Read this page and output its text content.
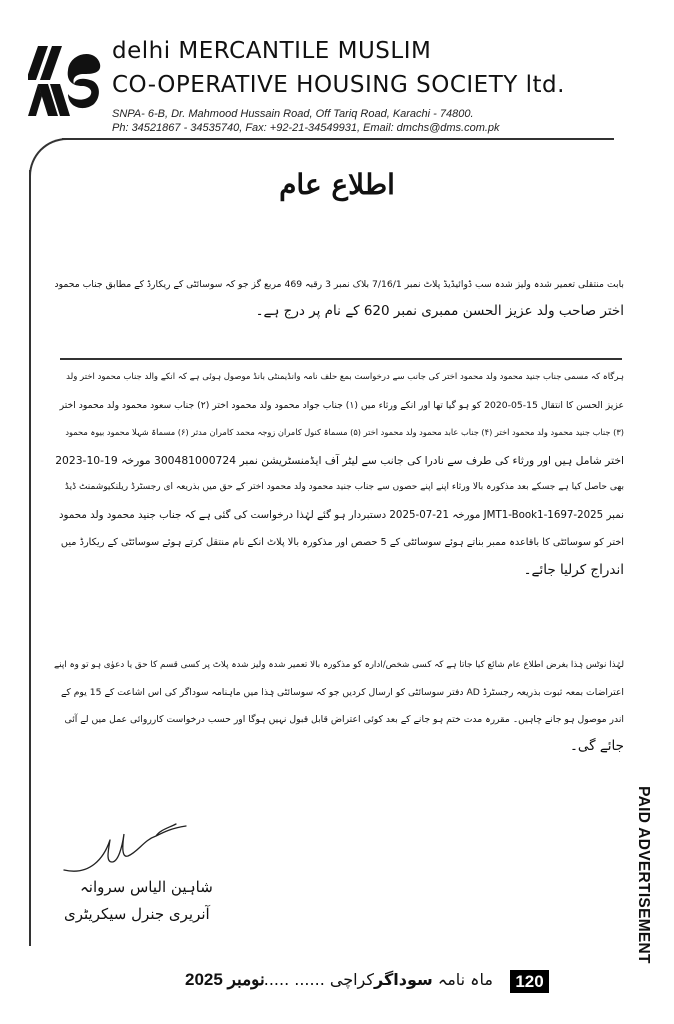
delhi MERCANTILE MUSLIM
CO-OPERATIVE HOUSING SOCIETY ltd.
SNPA- 6-B, Dr. Mahmood Hussain Road, Off Tariq Road, Karachi - 74800.
Ph: 34521867 - 34535740, Fax: +92-21-34549931, Email: dmchs@dms.com.pk
اطلاع عام
بابت منتقلی تعمیر شدہ ولیز شدہ سب ڈوائیڈیڈ پلاٹ نمبر 7/16/1 بلاک نمبر 3 رقبہ 469 مربع گز جو کہ سوسائٹی کے ریکارڈ کے مطابق جناب محمود
اختر صاحب ولد عزیز الحسن ممبری نمبر 620 کے نام پر درج ہے۔
ہرگاہ کہ مسمی جناب جنید محمود ولد محمود اختر کی جانب سے درخواست بمع حلف نامہ وانڈیمنٹی بانڈ موصول ہوئی ہے کہ انکے والد جناب محمود اختر ولد
عزیز الحسن کا انتقال 15-05-2020 کو ہو گیا تھا اور انکے ورثاء میں (۱) جناب جواد محمود ولد محمود اختر (۲) جناب سعود محمود ولد محمود اختر
(۳) جناب جنید محمود ولد محمود اختر (۴) جناب عابد محمود ولد محمود اختر (۵) مسماۃ کنول کامران زوجہ محمد کامران مدثر (۶) مسماۃ شہلا محمود بیوہ محمود
اختر شامل ہیں اور ورثاء کی طرف سے نادرا کی جانب سے لیٹر آف ایڈمنسٹریشن نمبر 300481000724 مورخہ 19-10-2023
بھی حاصل کیا ہے جسکے بعد مذکورہ بالا ورثاء اپنے اپنے حصوں سے جناب جنید محمود ولد محمود اختر کے حق میں بذریعہ ای رجسٹرڈ ریلنکیوشمنٹ ڈیڈ
نمبر 2025-JMT1-Book1-1697 مورخہ 21-07-2025 دستبردار ہو گئے لہٰذا درخواست کی گئی ہے کہ جناب جنید محمود ولد محمود
اختر کو سوسائٹی کا باقاعدہ ممبر بناتے ہوئے سوسائٹی کے 5 حصص اور مذکورہ بالا پلاٹ انکے نام منتقل کرتے ہوئے سوسائٹی کے ریکارڈ میں
اندراج کرلیا جائے۔
لہٰذا نوٹس ہٰذا بغرض اطلاع عام شائع کیا جاتا ہے کہ کسی شخص/ادارہ کو مذکورہ بالا تعمیر شدہ ولیز شدہ پلاٹ پر کسی قسم کا حق یا دعوٰی ہو تو وہ اپنے
اعتراضات بمعہ ثبوت بذریعہ رجسٹرڈ AD دفتر سوسائٹی کو ارسال کردیں جو کہ سوسائٹی ہٰذا میں ماہنامہ سوداگر کی اس اشاعت کے 15 یوم کے
اندر موصول ہو جانے چاہیں۔ مقررہ مدت ختم ہو جانے کے بعد کوئی اعتراض قابل قبول نہیں ہوگا اور حسب درخواست کارروائی عمل میں لے آئی
جائے گی۔
شاہین الیاس سروانہ
آنریری جنرل سیکریٹری	PAID ADVERTISEMENT
نومبر 2025	ماہ نامہ سوداگرکراچی ...... ......	120
